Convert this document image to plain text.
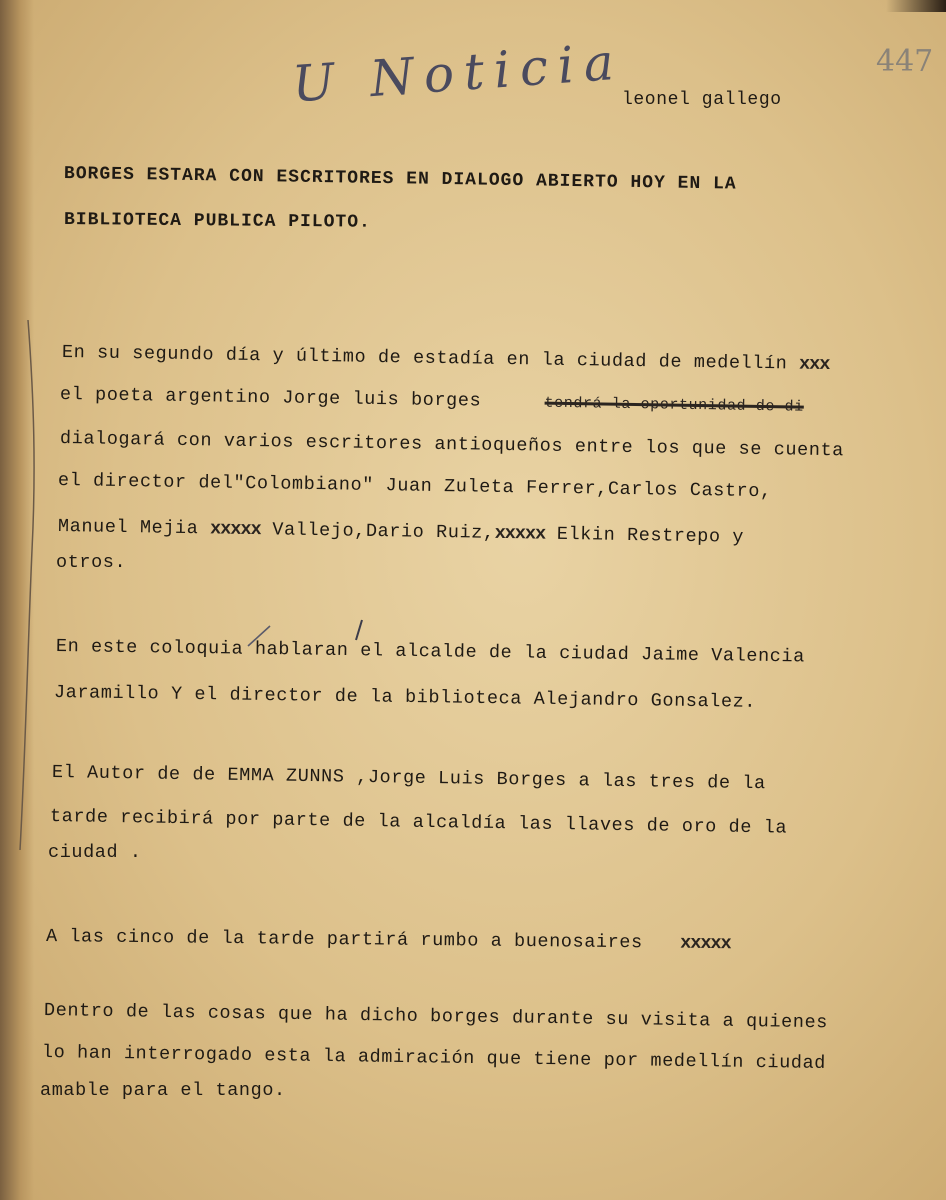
U Noticia	447
leonel gallego
BORGES ESTARA CON ESCRITORES EN DIALOGO ABIERTO HOY EN LA
BIBLIOTECA PUBLICA PILOTO.
En su segundo día y último de estadía en la ciudad de medellín xxx
el poeta argentino Jorge luis borges	tendrá la oportunidad de di
dialogará con varios escritores antioqueños entre los que se cuenta
el director del"Colombiano" Juan Zuleta Ferrer,Carlos Castro,
Manuel Mejia xxxxx Vallejo,Dario Ruiz,xxxxx Elkin Restrepo y
otros.
En este coloquia hablaran el alcalde de la ciudad Jaime Valencia
Jaramillo Y el director de la biblioteca Alejandro Gonsalez.
El Autor de de EMMA ZUNNS ,Jorge Luis Borges a las tres de la
tarde recibirá por parte de la alcaldía las llaves de oro de la
ciudad .
A las cinco de la tarde partirá rumbo a buenosaires xxxxx
Dentro de las cosas que ha dicho borges durante su visita a quienes
lo han interrogado esta la admiración que tiene por medellín ciudad
amable para el tango.
